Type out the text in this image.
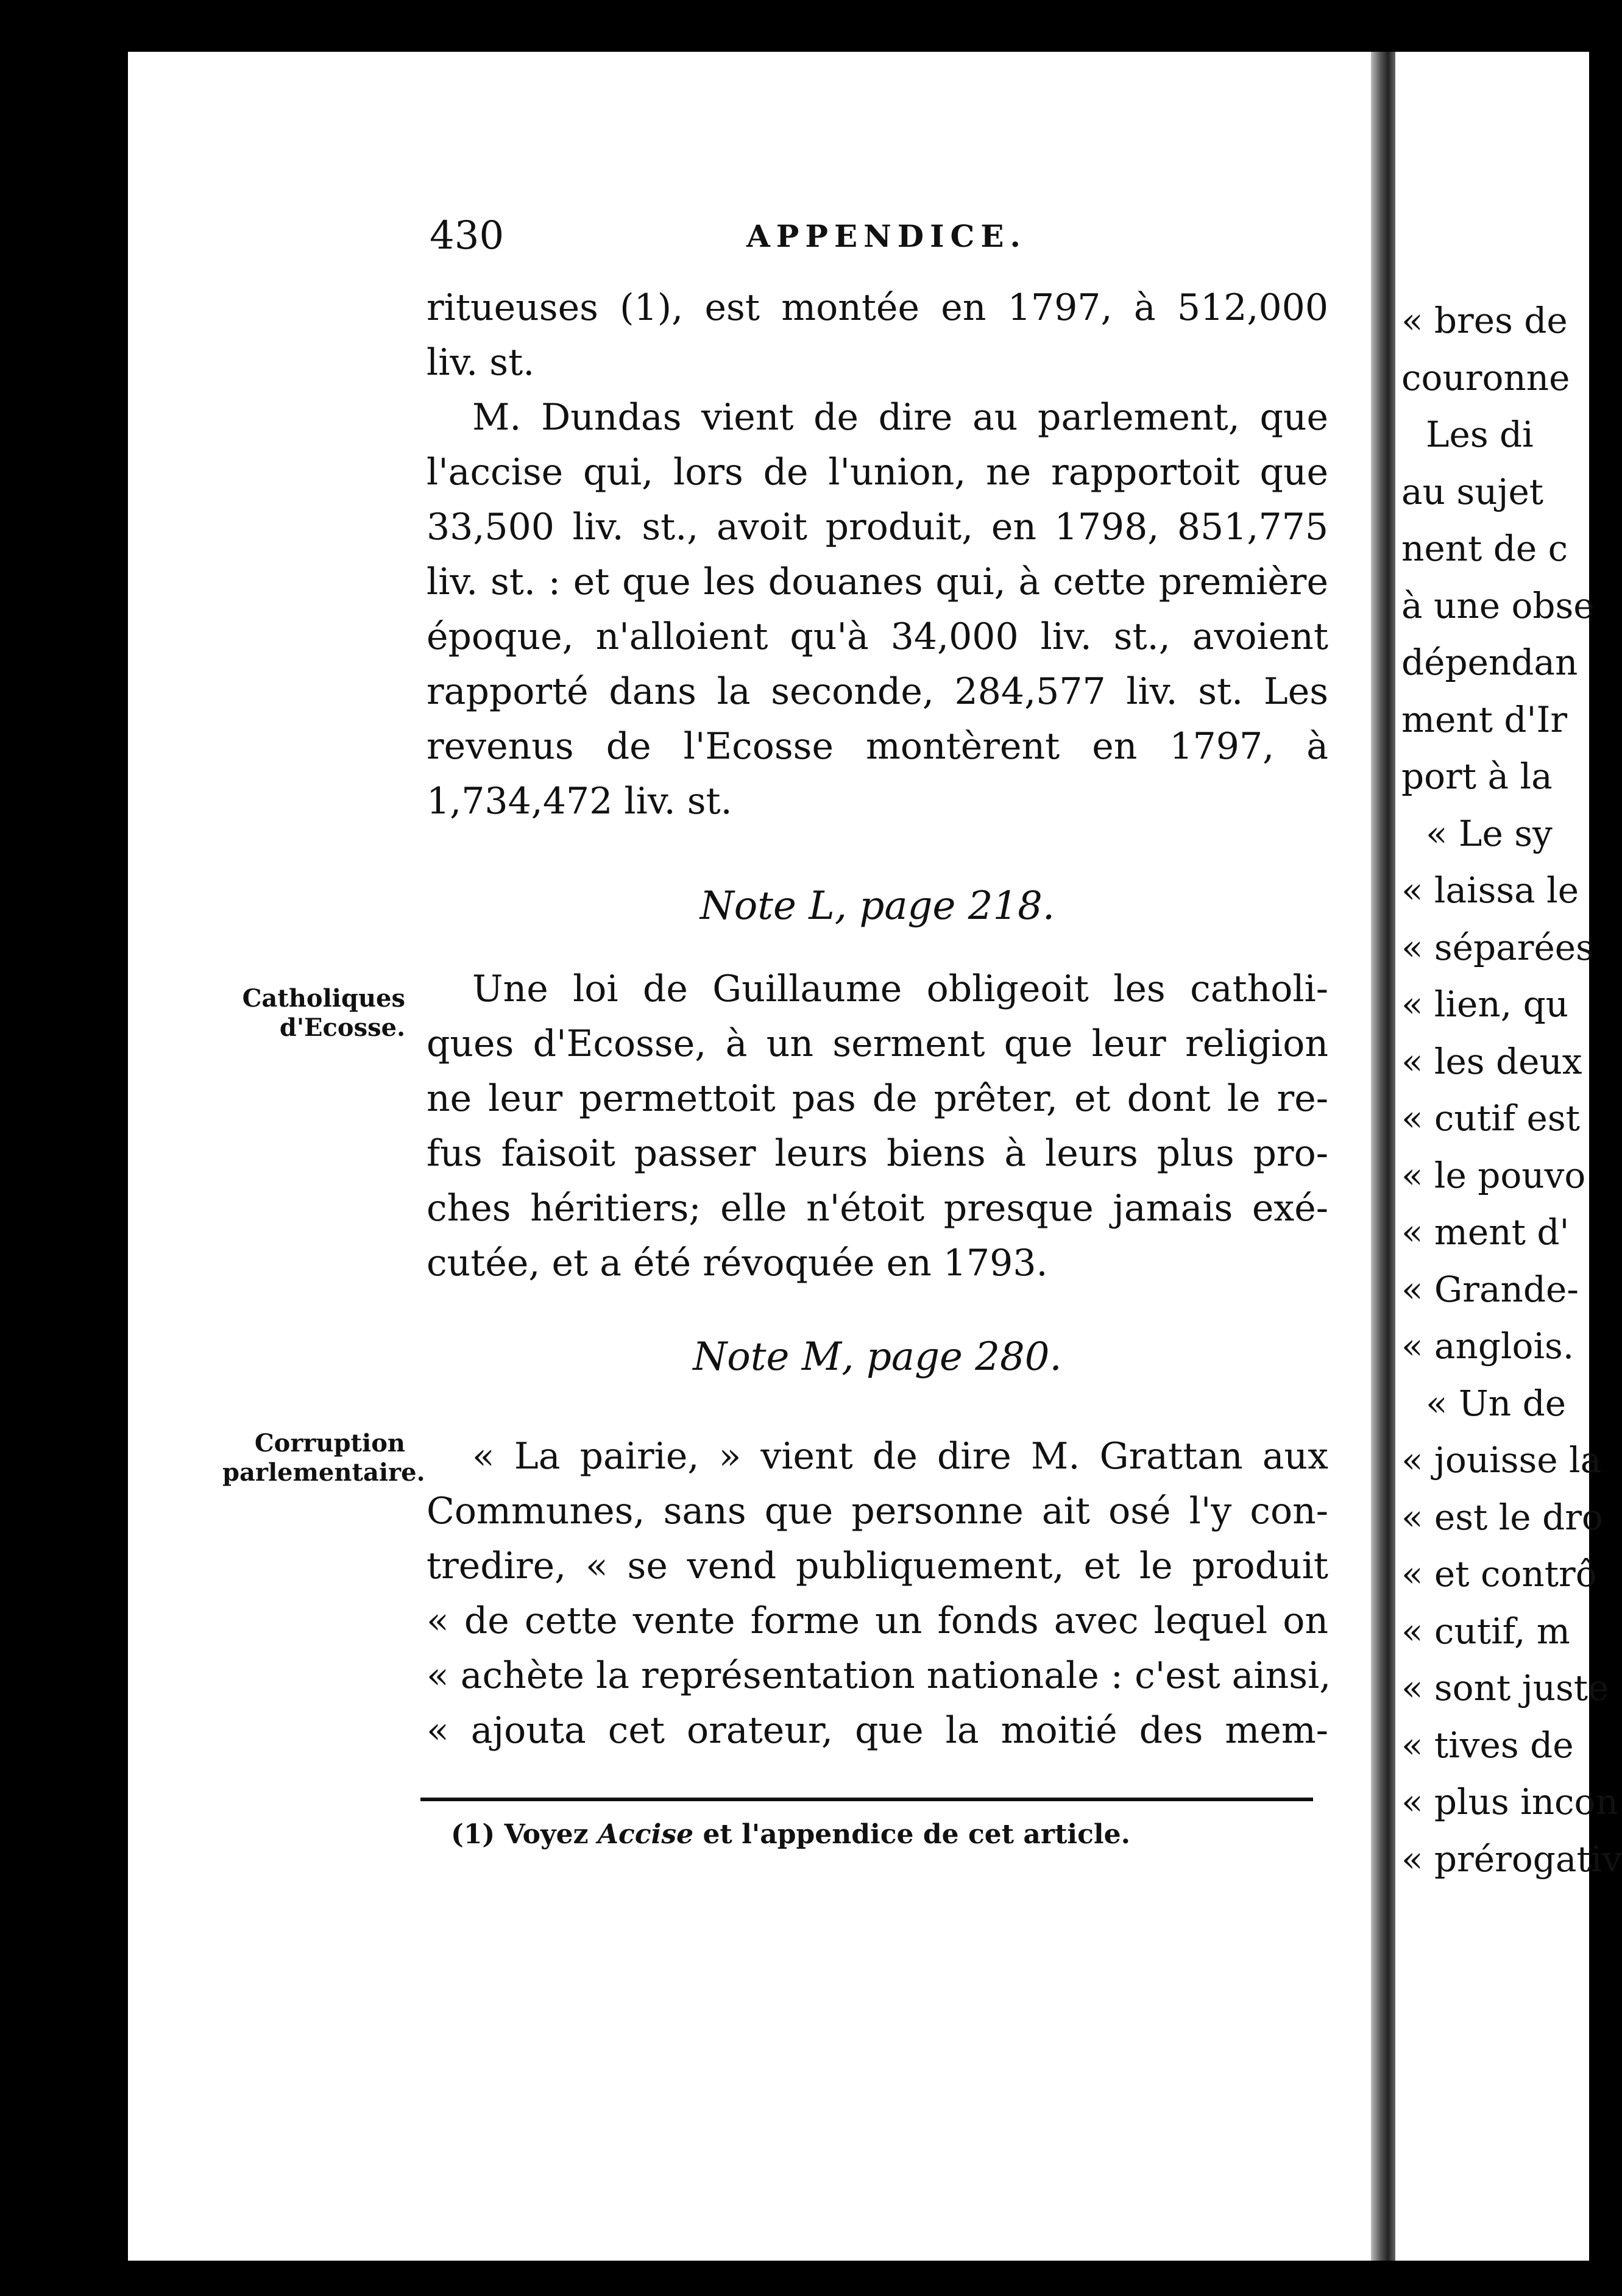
430	APPENDICE.
ritueuses (1), est montée en 1797, à 512,000
liv. st.
M. Dundas vient de dire au parlement, que
l'accise qui, lors de l'union, ne rapportoit que
33,500 liv. st., avoit produit, en 1798, 851,775
liv. st. : et que les douanes qui, à cette première
époque, n'alloient qu'à 34,000 liv. st., avoient
rapporté dans la seconde, 284,577 liv. st. Les
revenus de l'Ecosse montèrent en 1797, à
1,734,472 liv. st.
Note L, page 218.
Catholiques
d'Ecosse.
Une loi de Guillaume obligeoit les catholi-
ques d'Ecosse, à un serment que leur religion
ne leur permettoit pas de prêter, et dont le re-
fus faisoit passer leurs biens à leurs plus pro-
ches héritiers; elle n'étoit presque jamais exé-
cutée, et a été révoquée en 1793.
Note M, page 280.
Corruption
parlementaire.	« La pairie, » vient de dire M. Grattan aux
Communes, sans que personne ait osé l'y con-
tredire, « se vend publiquement, et le produit
« de cette vente forme un fonds avec lequel on
« achète la représentation nationale : c'est ainsi,
« ajouta cet orateur, que la moitié des mem-
(1) Voyez Accise et l'appendice de cet article.
« bres de
couronne
Les di
au sujet
nent de c
à une obse
dépendan
ment d'Ir
port à la
« Le sy
« laissa le
« séparées
« lien, qu
« les deux
« cutif est
« le pouvo
« ment d'
« Grande-
« anglois.
« Un de
« jouisse la
« est le dro
« et contrô
« cutif, m
« sont juste
« tives de
« plus incon
« prérogativ
